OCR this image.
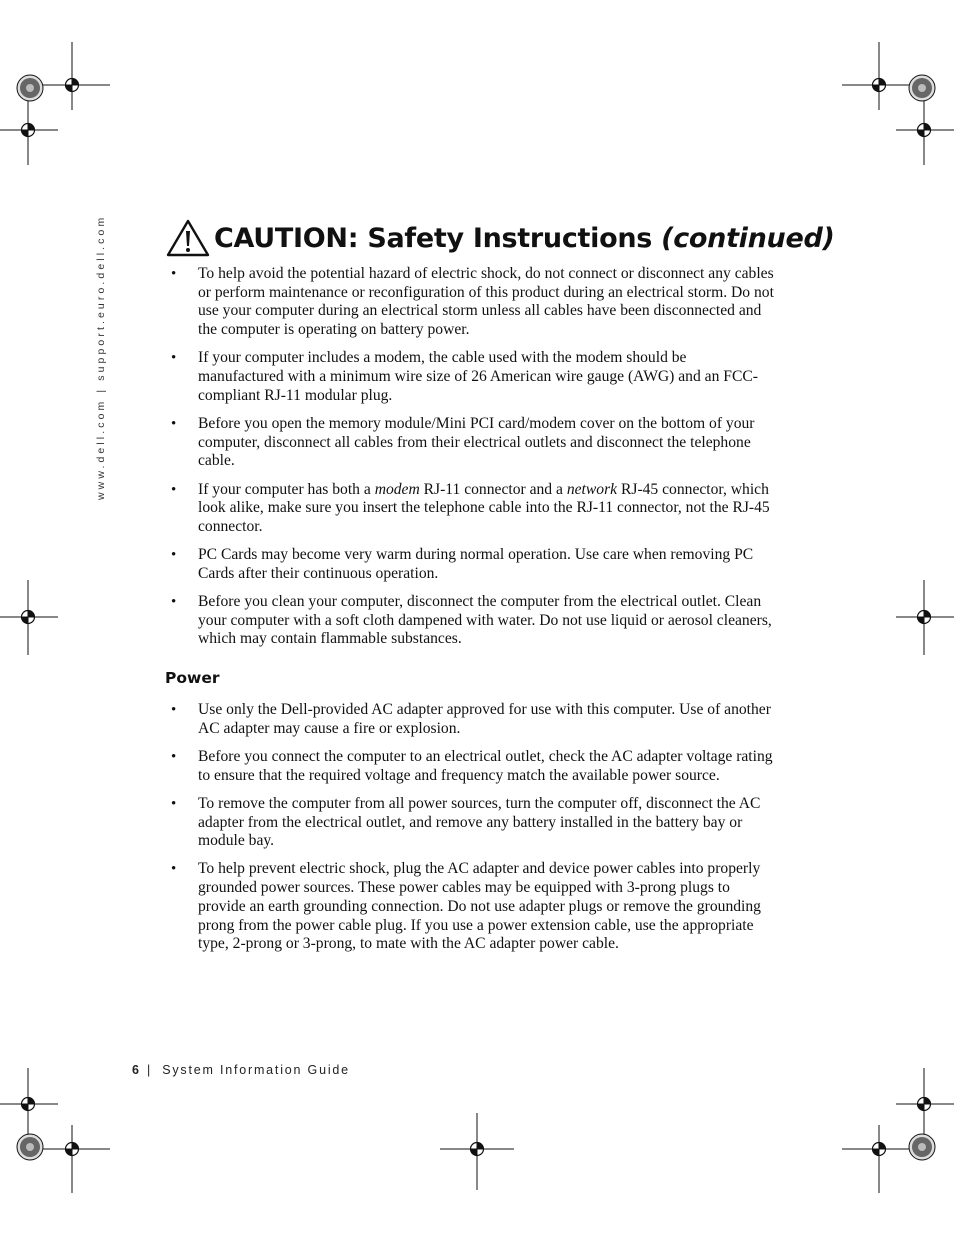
www.dell.com | support.euro.dell.com	CAUTION: Safety Instructions (continued)
• To help avoid the potential hazard of electric shock, do not connect or disconnect any cables or perform maintenance or reconfiguration of this product during an electrical storm. Do not use your computer during an electrical storm unless all cables have been disconnected and the computer is operating on battery power.
• If your computer includes a modem, the cable used with the modem should be manufactured with a minimum wire size of 26 American wire gauge (AWG) and an FCC-compliant RJ-11 modular plug.
• Before you open the memory module/Mini PCI card/modem cover on the bottom of your computer, disconnect all cables from their electrical outlets and disconnect the telephone cable.
• If your computer has both a modem RJ-11 connector and a network RJ-45 connector, which look alike, make sure you insert the telephone cable into the RJ-11 connector, not the RJ-45 connector.
• PC Cards may become very warm during normal operation. Use care when removing PC Cards after their continuous operation.
• Before you clean your computer, disconnect the computer from the electrical outlet. Clean your computer with a soft cloth dampened with water. Do not use liquid or aerosol cleaners, which may contain flammable substances.
Power
• Use only the Dell-provided AC adapter approved for use with this computer. Use of another AC adapter may cause a fire or explosion.
• Before you connect the computer to an electrical outlet, check the AC adapter voltage rating to ensure that the required voltage and frequency match the available power source.
• To remove the computer from all power sources, turn the computer off, disconnect the AC adapter from the electrical outlet, and remove any battery installed in the battery bay or module bay.
• To help prevent electric shock, plug the AC adapter and device power cables into properly grounded power sources. These power cables may be equipped with 3-prong plugs to provide an earth grounding connection. Do not use adapter plugs or remove the grounding prong from the power cable plug. If you use a power extension cable, use the appropriate type, 2-prong or 3-prong, to mate with the AC adapter power cable.
6 | System Information Guide
